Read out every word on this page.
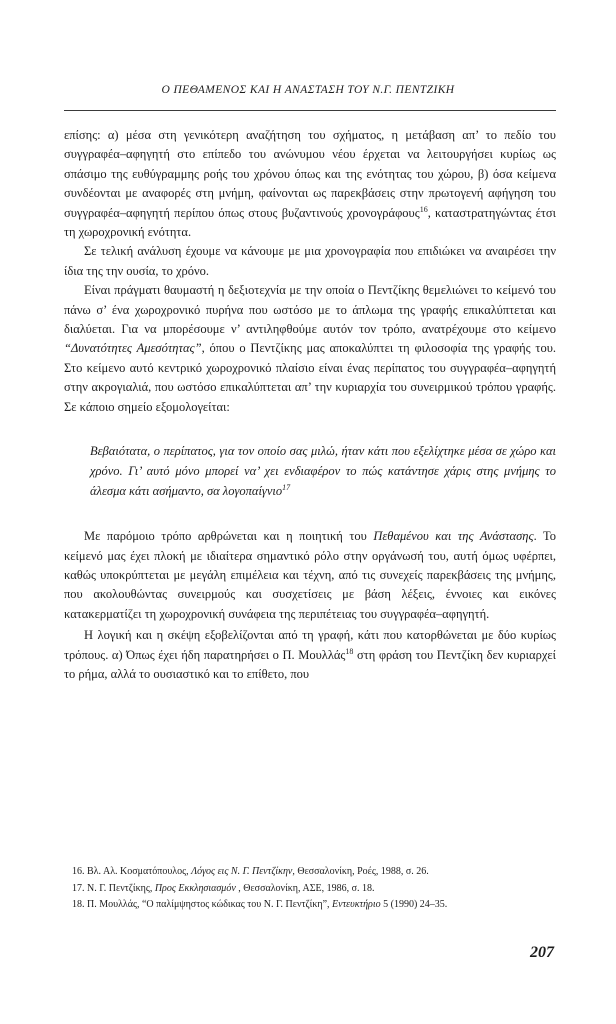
Ο ΠΕΘΑΜΕΝΟΣ ΚΑΙ Η ΑΝΑΣΤΑΣΗ ΤΟΥ Ν.Γ. ΠΕΝΤΖΙΚΗ

επίσης: α) μέσα στη γενικότερη αναζήτηση του σχήματος, η μετάβαση απ’ το πεδίο του συγγραφέα–αφηγητή στο επίπεδο του ανώνυμου νέου έρχεται να λειτουργήσει κυρίως ως σπάσιμο της ευθύγραμμης ροής του χρόνου όπως και της ενότητας του χώρου, β) όσα κείμενα συνδέονται με αναφορές στη μνήμη, φαίνονται ως παρεκβάσεις στην πρωτογενή αφήγηση του συγγραφέα–αφηγητή περίπου όπως στους βυζαντινούς χρονογράφους$^{16}$, καταστρατηγώντας έτσι τη χωροχρονική ενότητα.

Σε τελική ανάλυση έχουμε να κάνουμε με μια χρονογραφία που επιδιώκει να αναιρέσει την ίδια της την ουσία, το χρόνο.

Είναι πράγματι θαυμαστή η δεξιοτεχνία με την οποία ο Πεντζίκης θεμελιώνει το κείμενό του πάνω σ’ ένα χωροχρονικό πυρήνα που ωστόσο με το άπλωμα της γραφής επικαλύπτεται και διαλύεται. Για να μπορέσουμε ν’ αντιληφθούμε αυτόν τον τρόπο, ανατρέχουμε στο κείμενο “Δυνατότητες Αμεσότητας”, όπου ο Πεντζίκης μας αποκαλύπτει τη φιλοσοφία της γραφής του. Στο κείμενο αυτό κεντρικό χωροχρονικό πλαίσιο είναι ένας περίπατος του συγγραφέα–αφηγητή στην ακρογιαλιά, που ωστόσο επικαλύπτεται απ’ την κυριαρχία του συνειρμικού τρόπου γραφής. Σε κάποιο σημείο εξομολογείται:

Βεβαιότατα, ο περίπατος, για τον οποίο σας μιλώ, ήταν κάτι που εξελίχτηκε μέσα σε χώρο και χρόνο. Γι’ αυτό μόνο μπορεί να’ χει ενδιαφέρον το πώς κατάντησε χάρις στης μνήμης το άλεσμα κάτι ασήμαντο, σα λογοπαίγνιο$^{17}$

Με παρόμοιο τρόπο αρθρώνεται και η ποιητική του Πεθαμένου και της Ανάστασης. Το κείμενό μας έχει πλοκή με ιδιαίτερα σημαντικό ρόλο στην οργάνωσή του, αυτή όμως υφέρπει, καθώς υποκρύπτεται με μεγάλη επιμέλεια και τέχνη, από τις συνεχείς παρεκβάσεις της μνήμης, που ακολουθώντας συνειρμούς και συσχετίσεις με βάση λέξεις, έννοιες και εικόνες κατακερματίζει τη χωροχρονική συνάφεια της περιπέτειας του συγγραφέα–αφηγητή.

Η λογική και η σκέψη εξοβελίζονται από τη γραφή, κάτι που κατορθώνεται με δύο κυρίως τρόπους. α) Όπως έχει ήδη παρατηρήσει ο Π. Μουλλάς$^{18}$ στη φράση του Πεντζίκη δεν κυριαρχεί το ρήμα, αλλά το ουσιαστικό και το επίθετο, που

16. Βλ. Αλ. Κοσματόπουλος, Λόγος εις Ν. Γ. Πεντζίκην, Θεσσαλονίκη, Ροές, 1988, σ. 26.

17. Ν. Γ. Πεντζίκης, Προς Εκκλησιασμόν , Θεσσαλονίκη, ΑΣΕ, 1986, σ. 18.

18. Π. Μουλλάς, “Ο παλίμψηστος κώδικας του Ν. Γ. Πεντζίκη”, Εντευκτήριο 5 (1990) 24–35.

207
